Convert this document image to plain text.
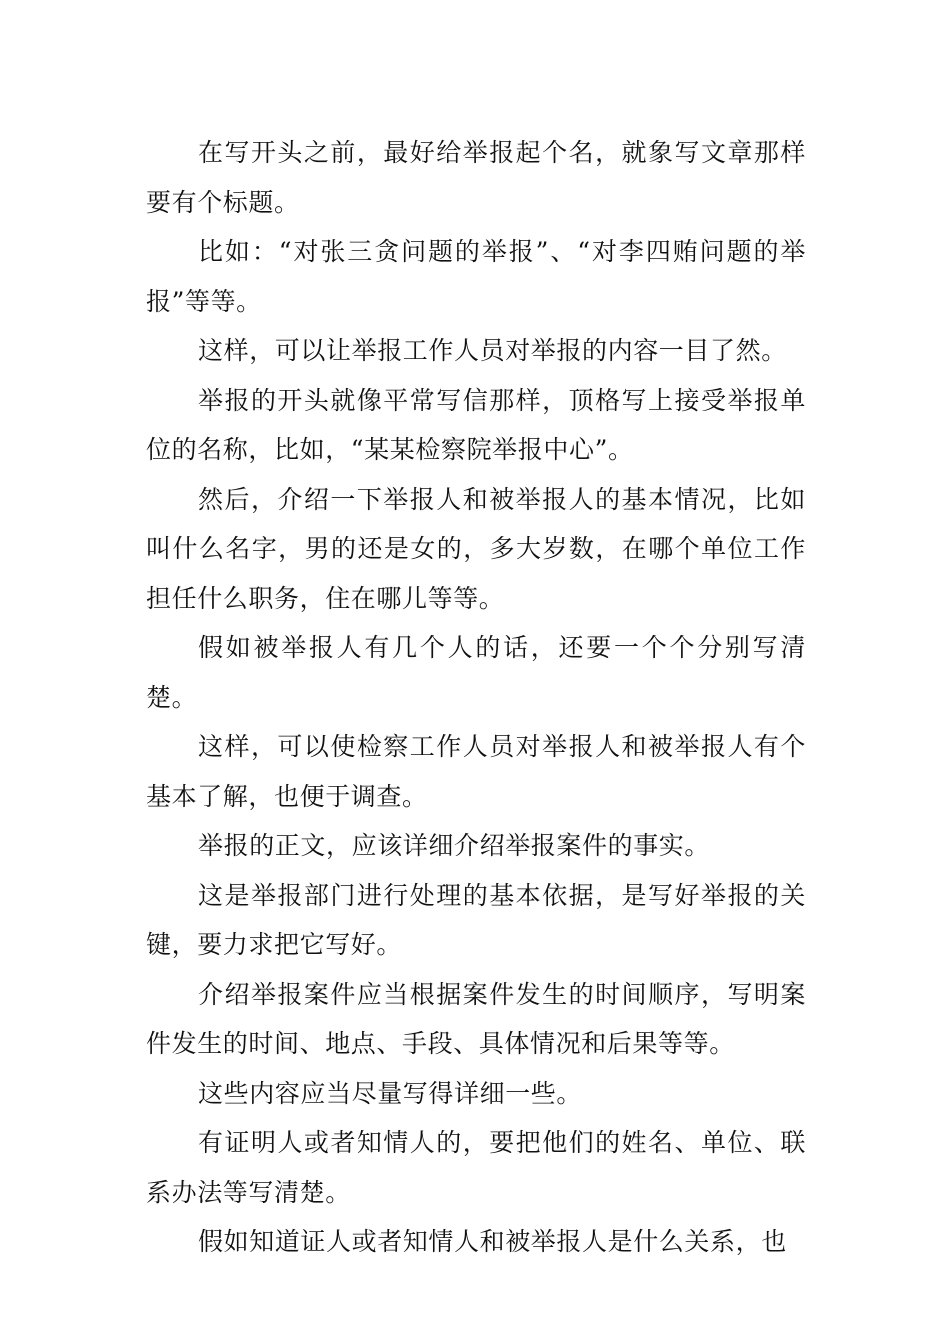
在写开头之前，最好给举报起个名，就象写文章那样要有个标题。

比如：“对张三贪问题的举报”、“对李四贿问题的举报”等等。

这样，可以让举报工作人员对举报的内容一目了然。

举报的开头就像平常写信那样，顶格写上接受举报单位的名称，比如，“某某检察院举报中心”。

然后，介绍一下举报人和被举报人的基本情况，比如叫什么名字，男的还是女的，多大岁数，在哪个单位工作担任什么职务，住在哪儿等等。

假如被举报人有几个人的话，还要一个个分别写清楚。

这样，可以使检察工作人员对举报人和被举报人有个基本了解，也便于调查。

举报的正文，应该详细介绍举报案件的事实。

这是举报部门进行处理的基本依据，是写好举报的关键，要力求把它写好。

介绍举报案件应当根据案件发生的时间顺序，写明案件发生的时间、地点、手段、具体情况和后果等等。

这些内容应当尽量写得详细一些。

有证明人或者知情人的，要把他们的姓名、单位、联系办法等写清楚。

假如知道证人或者知情人和被举报人是什么关系，也
